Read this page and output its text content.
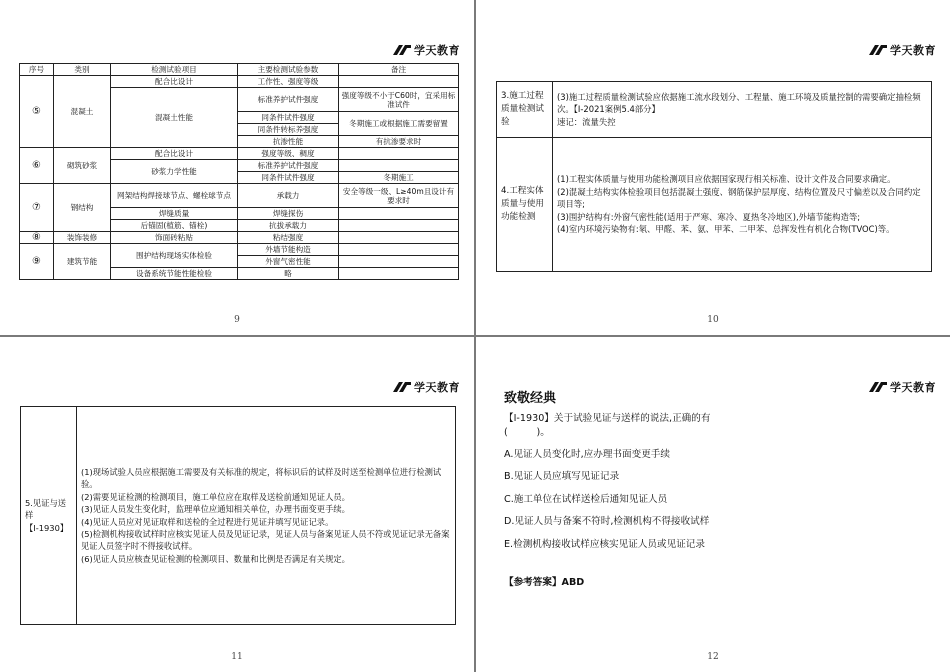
学天教育
序号	类别	检测试验项目	主要检测试验参数	备注
⑤	混凝土	配合比设计	工作性、强度等级	
		混凝土性能	标准养护试件强度	强度等级不小于C60时，宜采用标准试件
			同条件试件强度	冬期施工或根据施工需要留置
			同条件转标养强度	
			抗渗性能	有抗渗要求时
⑥	砌筑砂浆	配合比设计	强度等级、稠度	
		砂浆力学性能	标准养护试件强度	
			同条件试件强度	冬期施工
⑦	钢结构	网架结构焊接球节点、螺栓球节点	承载力	安全等级一级、L≥40m且设计有要求时
		焊缝质量	焊缝探伤	
		后锚固(植筋、锚栓)	抗拔承载力	
⑧	装饰装修	饰面砖粘贴	粘结强度	
⑨	建筑节能	围护结构现场实体检验	外墙节能构造	
			外窗气密性能	
		设备系统节能性能检验	略	
9
学天教育
3.施工过程质量检测试验	(3)施工过程质量检测试验应依据施工流水段划分、工程量、施工环境及质量控制的需要确定抽检频次。【Ⅰ-2021案例5.4部分】

速记：流量失控

4.工程实体质量与使用功能检测	(1)工程实体质量与使用功能检测项目应依据国家现行相关标准、设计文件及合同要求确定。

(2)混凝土结构实体检验项目包括混凝土强度、钢筋保护层厚度、结构位置及尺寸偏差以及合同约定项目等;

(3)围护结构有:外窗气密性能(适用于严寒、寒冷、夏热冬冷地区),外墙节能构造等;

(4)室内环境污染物有:氡、甲醛、苯、氨、甲苯、二甲苯、总挥发性有机化合物(TVOC)等。

10
学天教育
5.见证与送样【Ⅰ-1930】	

(1)现场试验人员应根据施工需要及有关标准的规定，将标识后的试样及时送至检测单位进行检测试验。

(2)需要见证检测的检测项目，施工单位应在取样及送检前通知见证人员。

(3)见证人员发生变化时，监理单位应通知相关单位，办理书面变更手续。

(4)见证人员应对见证取样和送检的全过程进行见证并填写见证记录。

(5)检测机构接收试样时应核实见证人员及见证记录，见证人员与备案见证人员不符或见证记录无备案见证人员签字时不得接收试样。

(6)见证人员应核查见证检测的检测项目、数量和比例是否满足有关规定。

11
学天教育
致敬经典
【Ⅰ-1930】关于试验见证与送样的说法,正确的有
(　　　)。
A.见证人员变化时,应办理书面变更手续
B.见证人员应填写见证记录
C.施工单位在试样送检后通知见证人员
D.见证人员与备案不符时,检测机构不得接收试样
E.检测机构接收试样应核实见证人员或见证记录
【参考答案】ABD
12
